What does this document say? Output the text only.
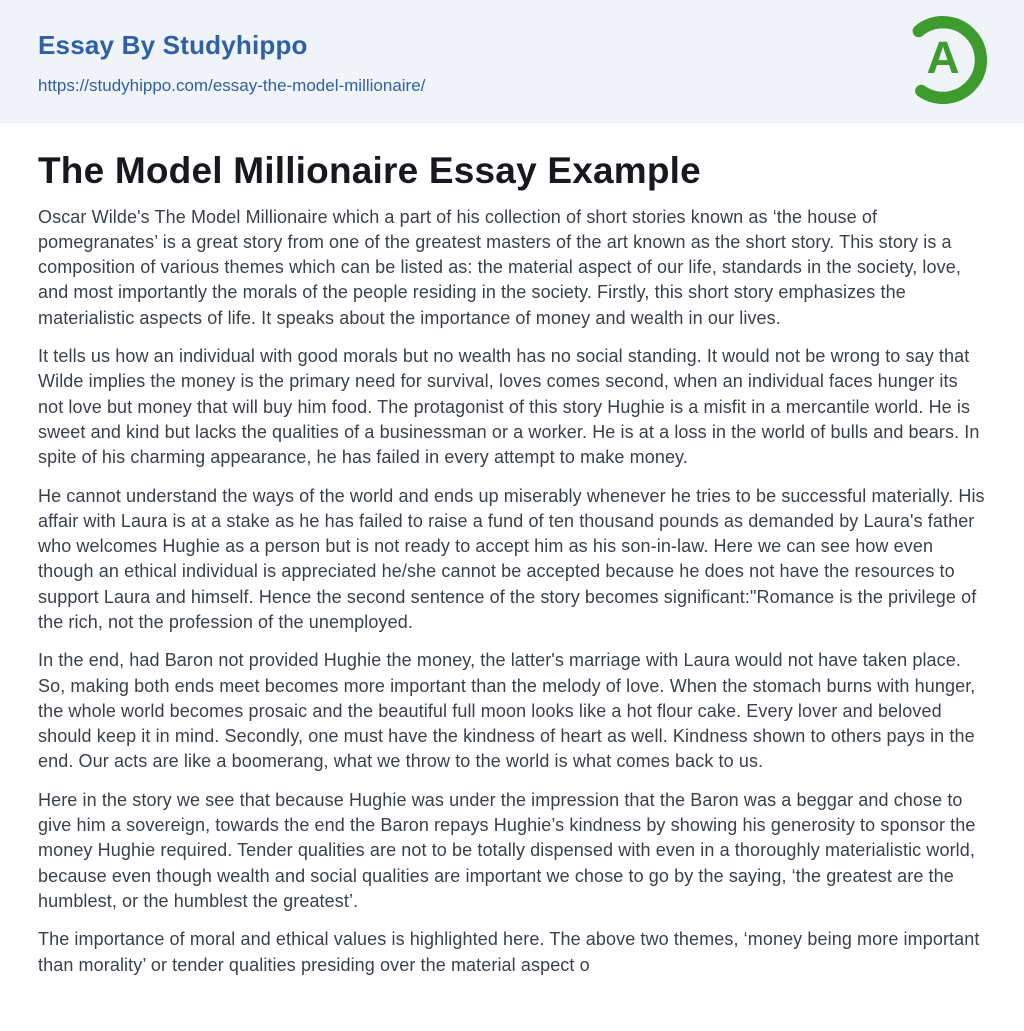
Essay By Studyhippo
https://studyhippo.com/essay-the-model-millionaire/
A
The Model Millionaire Essay Example

Oscar Wilde's The Model Millionaire which a part of his collection of short stories known as ‘the house of pomegranates’ is a great story from one of the greatest masters of the art known as the short story. This story is a composition of various themes which can be listed as: the material aspect of our life, standards in the society, love, and most importantly the morals of the people residing in the society. Firstly, this short story emphasizes the materialistic aspects of life. It speaks about the importance of money and wealth in our lives.

It tells us how an individual with good morals but no wealth has no social standing. It would not be wrong to say that Wilde implies the money is the primary need for survival, loves comes second, when an individual faces hunger its not love but money that will buy him food. The protagonist of this story Hughie is a misfit in a mercantile world. He is sweet and kind but lacks the qualities of a businessman or a worker. He is at a loss in the world of bulls and bears. In spite of his charming appearance, he has failed in every attempt to make money.

He cannot understand the ways of the world and ends up miserably whenever he tries to be successful materially. His affair with Laura is at a stake as he has failed to raise a fund of ten thousand pounds as demanded by Laura's father who welcomes Hughie as a person but is not ready to accept him as his son-in-law. Here we can see how even though an ethical individual is appreciated he/she cannot be accepted because he does not have the resources to support Laura and himself. Hence the second sentence of the story becomes significant:"Romance is the privilege of the rich, not the profession of the unemployed.

In the end, had Baron not provided Hughie the money, the latter's marriage with Laura would not have taken place. So, making both ends meet becomes more important than the melody of love. When the stomach burns with hunger, the whole world becomes prosaic and the beautiful full moon looks like a hot flour cake. Every lover and beloved should keep it in mind. Secondly, one must have the kindness of heart as well. Kindness shown to others pays in the end. Our acts are like a boomerang, what we throw to the world is what comes back to us.

Here in the story we see that because Hughie was under the impression that the Baron was a beggar and chose to give him a sovereign, towards the end the Baron repays Hughie’s kindness by showing his generosity to sponsor the money Hughie required. Tender qualities are not to be totally dispensed with even in a thoroughly materialistic world, because even though wealth and social qualities are important we chose to go by the saying, ‘the greatest are the humblest, or the humblest the greatest’.

The importance of moral and ethical values is highlighted here. The above two themes, ‘money being more important than morality’ or tender qualities presiding over the material aspect o
